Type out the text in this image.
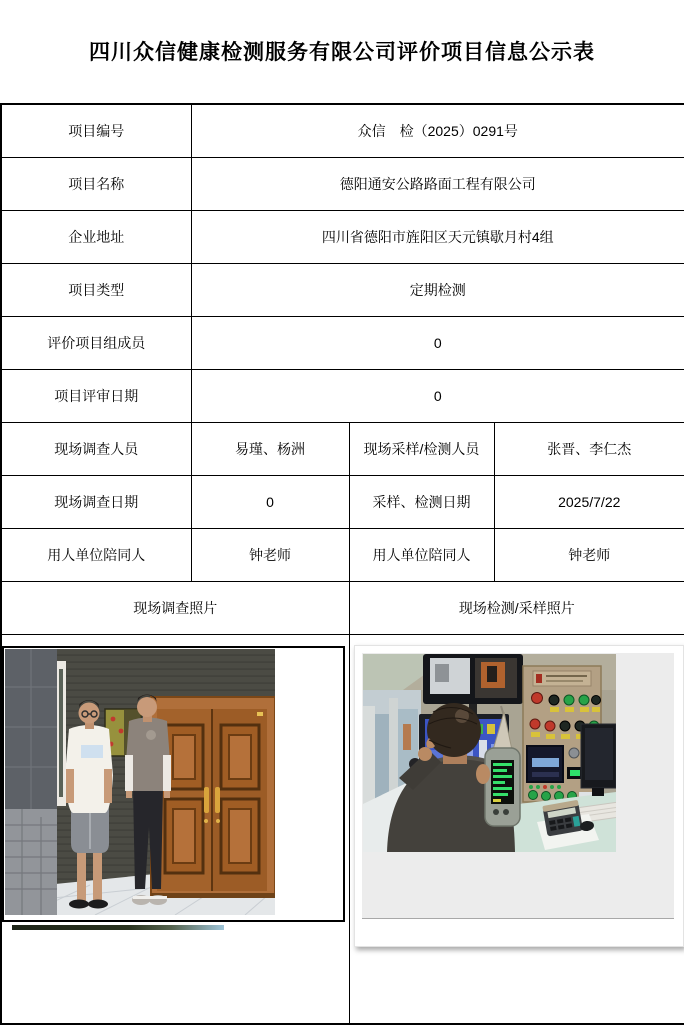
四川众信健康检测服务有限公司评价项目信息公示表
项目编号	众信　检（2025）0291号		
项目名称	德阳通安公路路面工程有限公司		
企业地址	四川省德阳市旌阳区天元镇歇月村4组		
项目类型	定期检测		
评价项目组成员	0		
项目评审日期	0		
现场调查人员	易瑾、杨洲	现场采样/检测人员	张晋、李仁杰
现场调查日期	0	采样、检测日期	2025/7/22
用人单位陪同人	钟老师	用人单位陪同人	钟老师
现场调查照片		现场检测/采样照片	
